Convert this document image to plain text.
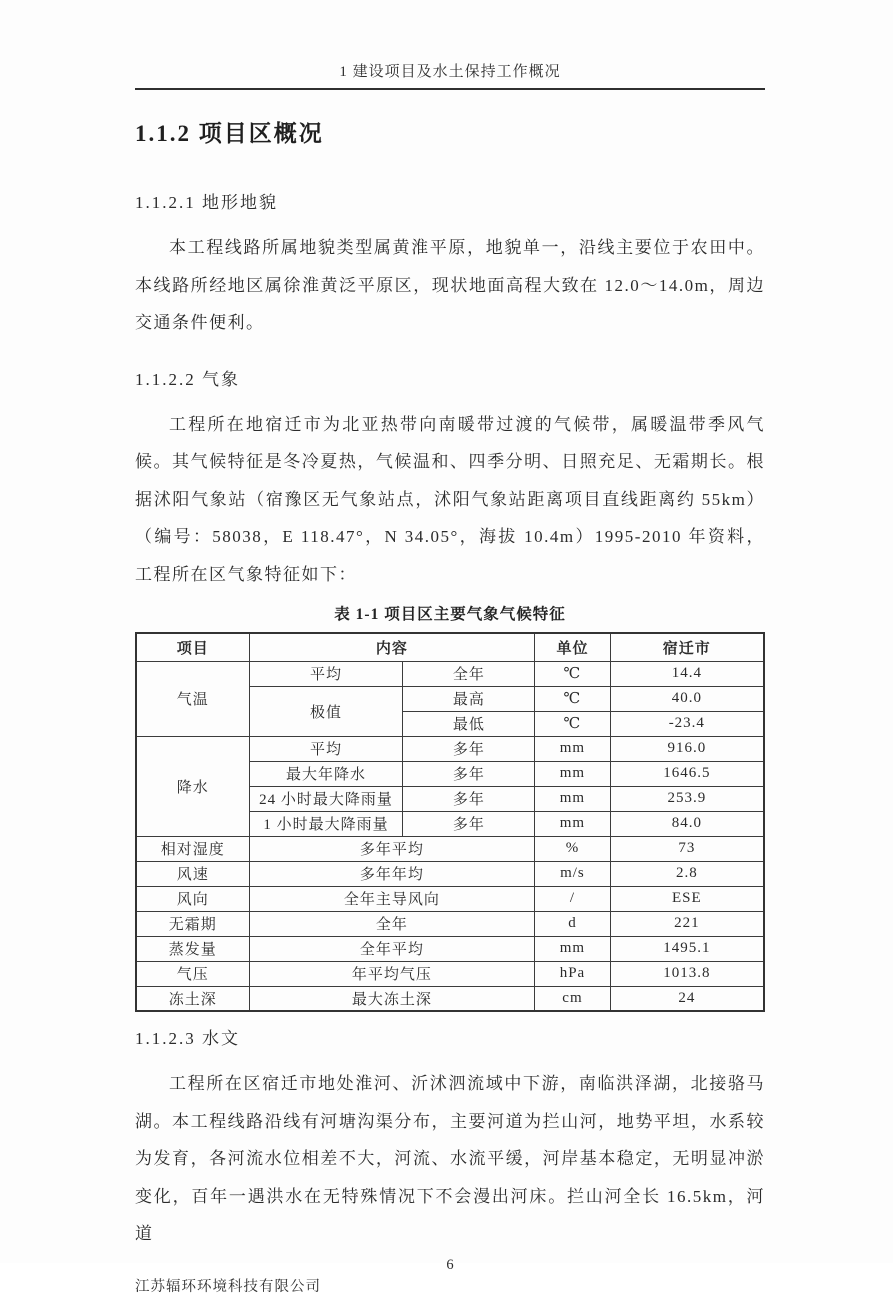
1 建设项目及水土保持工作概况
1.1.2 项目区概况
1.1.2.1 地形地貌
本工程线路所属地貌类型属黄淮平原，地貌单一，沿线主要位于农田中。本线路所经地区属徐淮黄泛平原区，现状地面高程大致在 12.0～14.0m，周边交通条件便利。
1.1.2.2 气象
工程所在地宿迁市为北亚热带向南暖带过渡的气候带，属暖温带季风气候。其气候特征是冬冷夏热，气候温和、四季分明、日照充足、无霜期长。根据沭阳气象站（宿豫区无气象站点，沭阳气象站距离项目直线距离约 55km）（编号：58038，E 118.47°，N 34.05°，海拔 10.4m）1995-2010 年资料，工程所在区气象特征如下：
表 1-1 项目区主要气象气候特征
项目	内容		单位	宿迁市
气温	平均	全年	℃	14.4
	极值	最高	℃	40.0
		最低	℃	-23.4
降水	平均	多年	mm	916.0
	最大年降水	多年	mm	1646.5
	24 小时最大降雨量	多年	mm	253.9
	1 小时最大降雨量	多年	mm	84.0
相对湿度	多年平均		%	73
风速	多年年均		m/s	2.8
风向	全年主导风向		/	ESE
无霜期	全年		d	221
蒸发量	全年平均		mm	1495.1
气压	年平均气压		hPa	1013.8
冻土深	最大冻土深		cm	24
1.1.2.3 水文
工程所在区宿迁市地处淮河、沂沭泗流域中下游，南临洪泽湖，北接骆马湖。本工程线路沿线有河塘沟渠分布，主要河道为拦山河，地势平坦，水系较为发育，各河流水位相差不大，河流、水流平缓，河岸基本稳定，无明显冲淤变化，百年一遇洪水在无特殊情况下不会漫出河床。拦山河全长 16.5km，河道
6
江苏辐环环境科技有限公司
